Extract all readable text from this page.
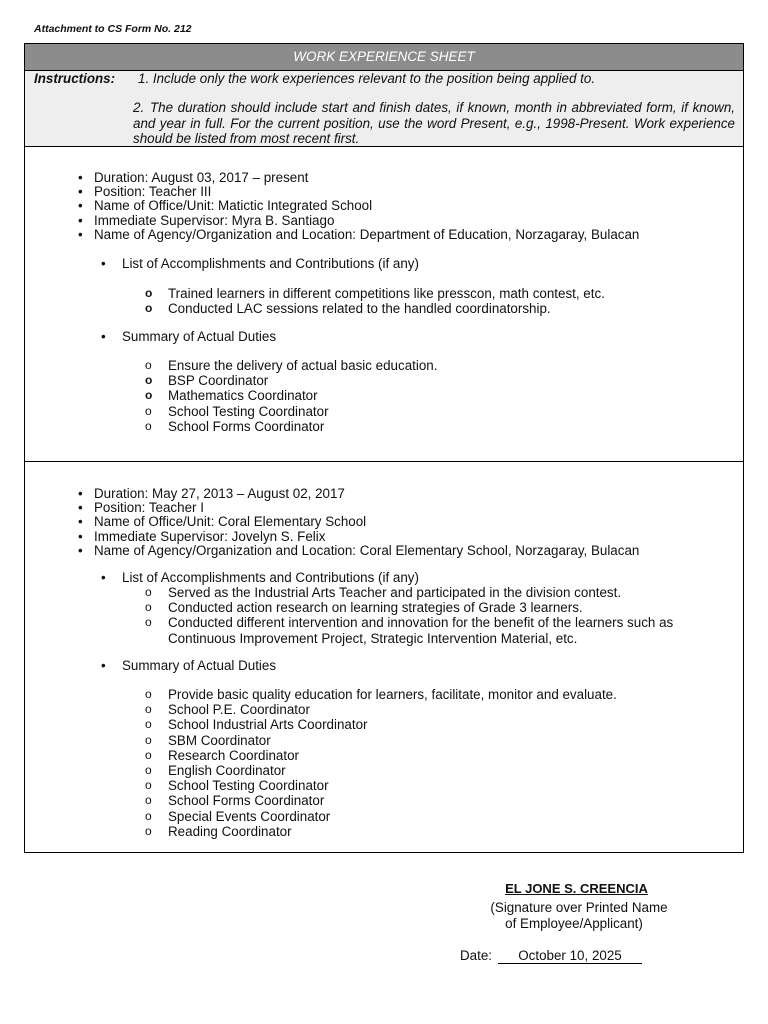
Attachment to CS Form No. 212
WORK EXPERIENCE SHEET
Instructions: 1. Include only the work experiences relevant to the position being applied to.
2. The duration should include start and finish dates, if known, month in abbreviated form, if known, and year in full. For the current position, use the word Present, e.g., 1998-Present. Work experience should be listed from most recent first.
• Duration: August 03, 2017 – present
• Position: Teacher III
• Name of Office/Unit: Matictic Integrated School
• Immediate Supervisor: Myra B. Santiago
• Name of Agency/Organization and Location: Department of Education, Norzagaray, Bulacan
• List of Accomplishments and Contributions (if any)
o Trained learners in different competitions like presscon, math contest, etc.
o Conducted LAC sessions related to the handled coordinatorship.
• Summary of Actual Duties
o Ensure the delivery of actual basic education.
o BSP Coordinator
o Mathematics Coordinator
o School Testing Coordinator
o School Forms Coordinator
• Duration: May 27, 2013 – August 02, 2017
• Position: Teacher I
• Name of Office/Unit: Coral Elementary School
• Immediate Supervisor: Jovelyn S. Felix
• Name of Agency/Organization and Location: Coral Elementary School, Norzagaray, Bulacan
• List of Accomplishments and Contributions (if any)
o Served as the Industrial Arts Teacher and participated in the division contest.
o Conducted action research on learning strategies of Grade 3 learners.
o Conducted different intervention and innovation for the benefit of the learners such as Continuous Improvement Project, Strategic Intervention Material, etc.
• Summary of Actual Duties
o Provide basic quality education for learners, facilitate, monitor and evaluate.
o School P.E. Coordinator
o School Industrial Arts Coordinator
o SBM Coordinator
o Research Coordinator
o English Coordinator
o School Testing Coordinator
o School Forms Coordinator
o Special Events Coordinator
o Reading Coordinator
EL JONE S. CREENCIA
(Signature over Printed Name
of Employee/Applicant)
Date:	October 10, 2025
